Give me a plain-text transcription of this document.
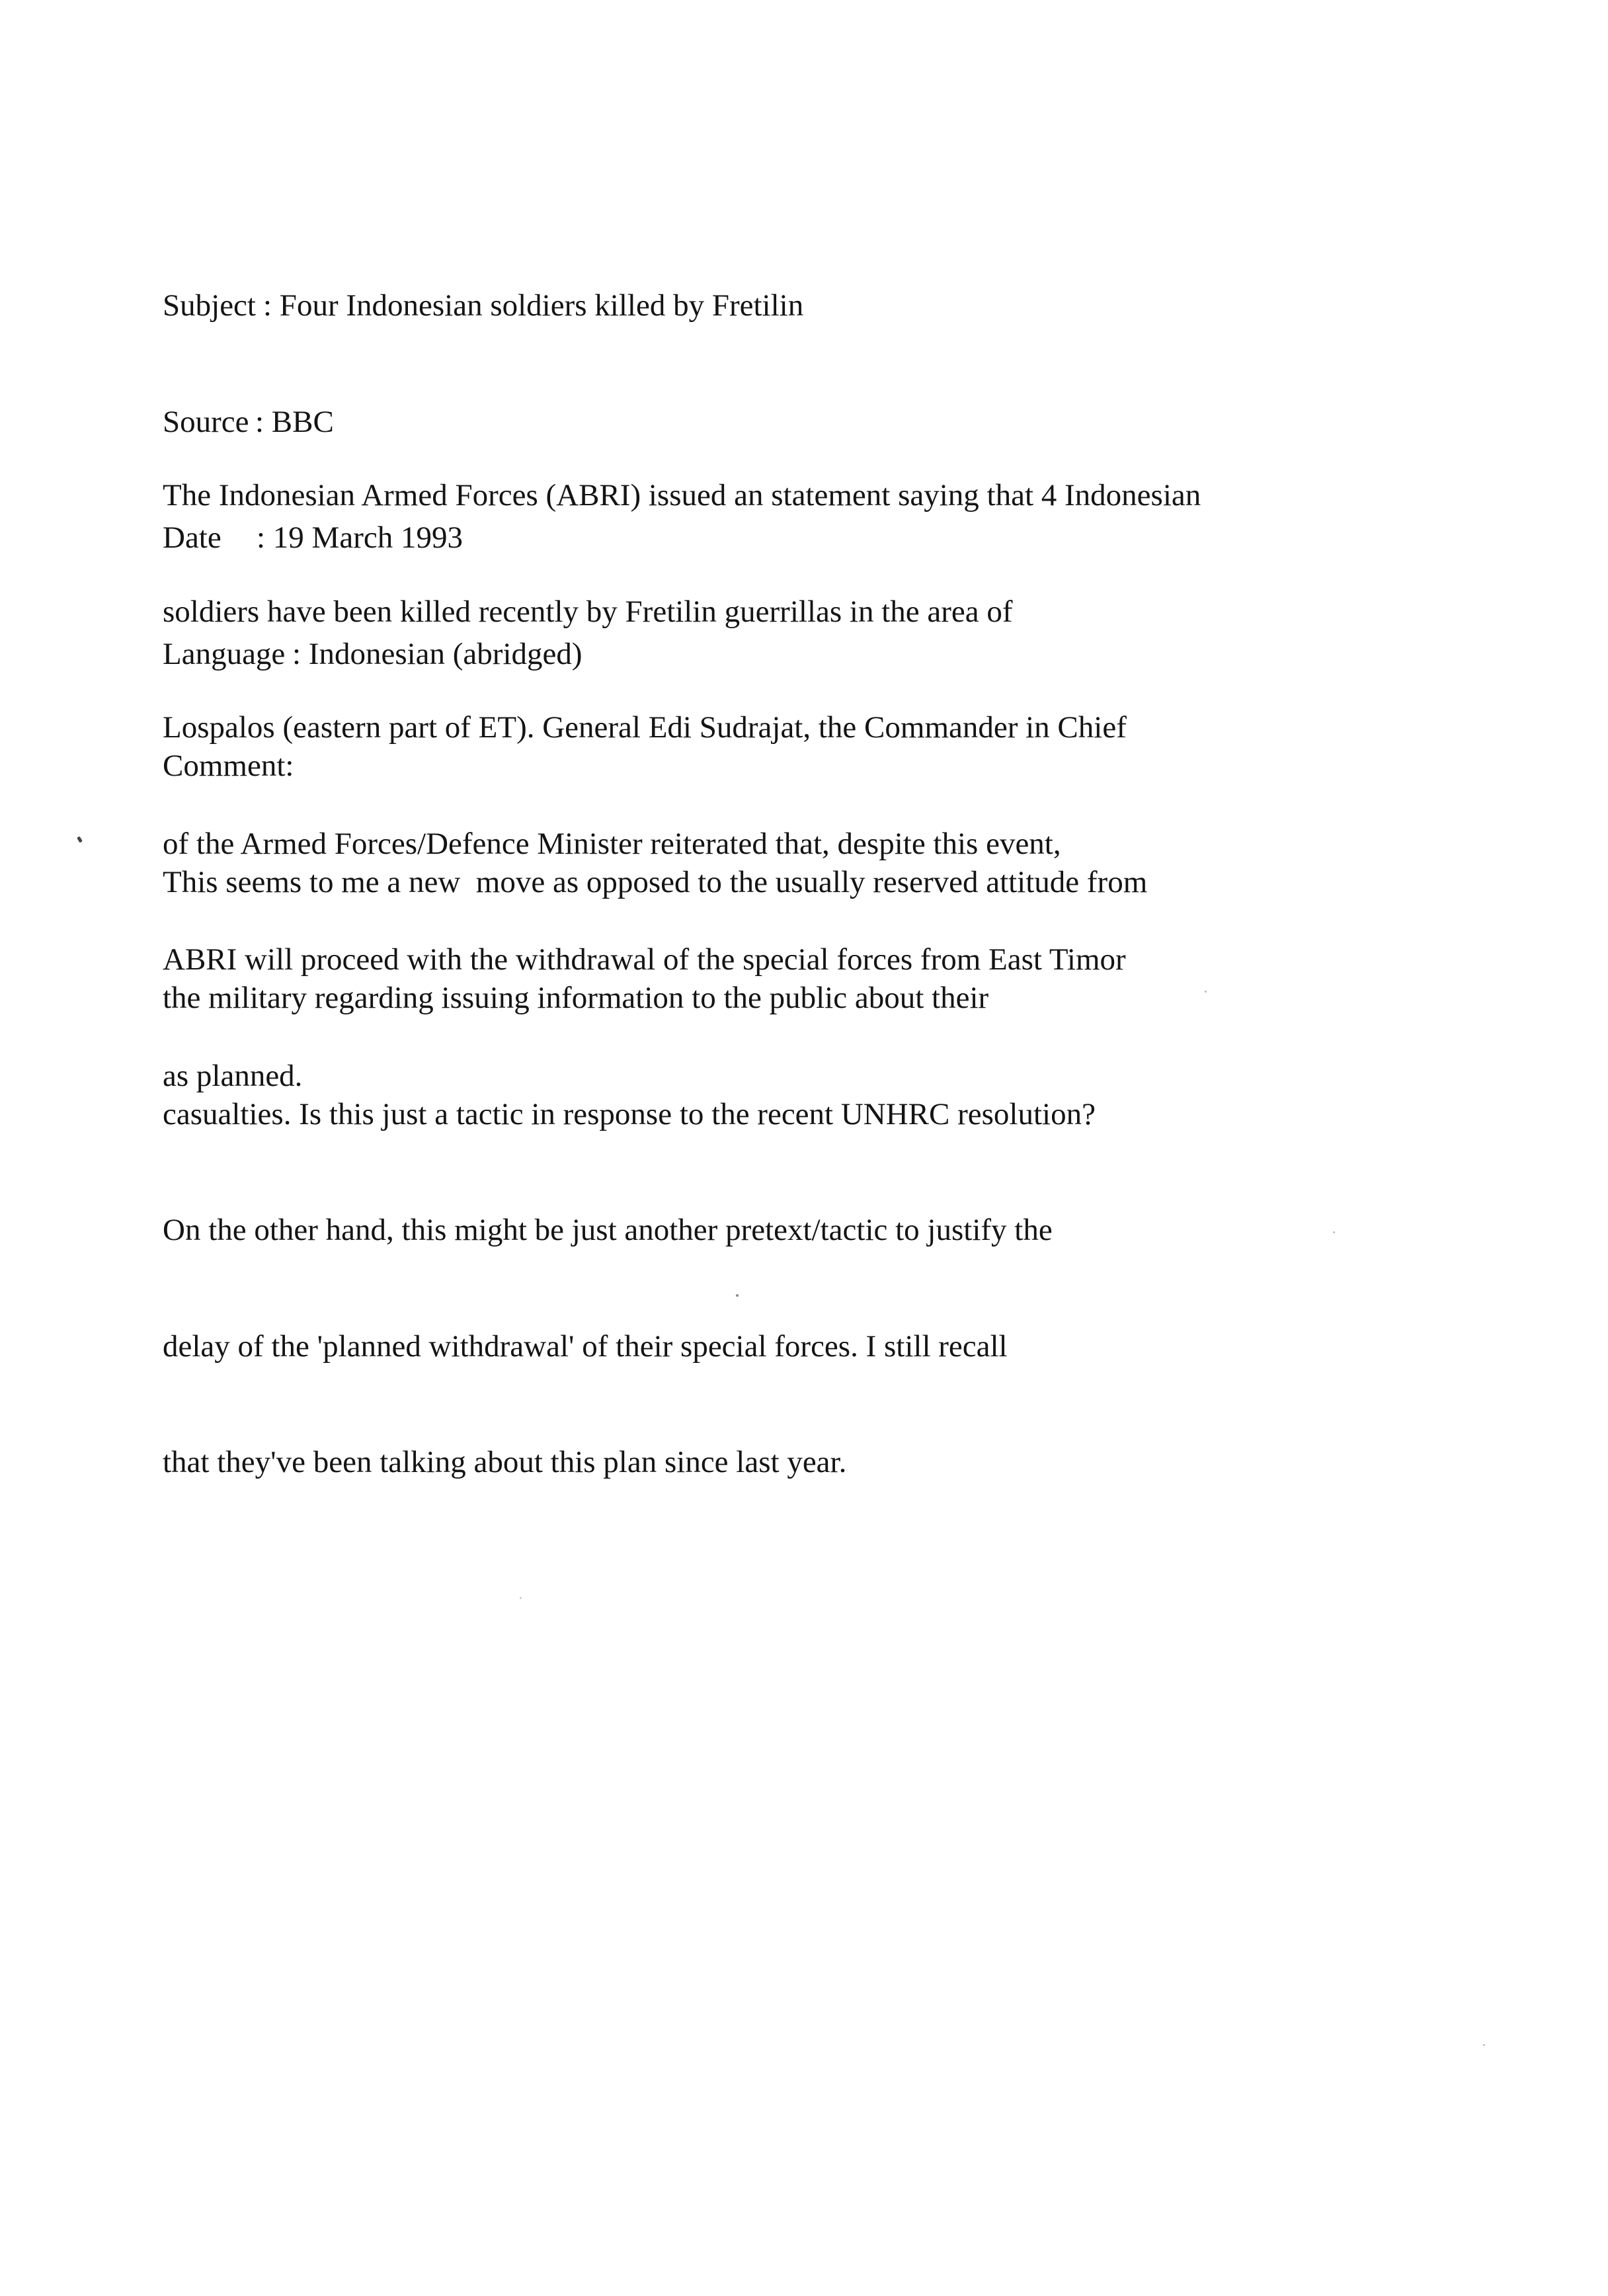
Subject

: Four Indonesian soldiers killed by Fretilin

Source

: BBC

Date

: 19 March 1993

Language

: Indonesian (abridged)

The Indonesian Armed Forces (ABRI) issued an statement saying that 4 Indonesian

soldiers have been killed recently by Fretilin guerrillas in the area of

Lospalos (eastern part of ET). General Edi Sudrajat, the Commander in Chief

of the Armed Forces/Defence Minister reiterated that, despite this event,

ABRI will proceed with the withdrawal of the special forces from East Timor

as planned.

Comment:

This seems to me a new  move as opposed to the usually reserved attitude from

the military regarding issuing information to the public about their

casualties. Is this just a tactic in response to the recent UNHRC resolution?

On the other hand, this might be just another pretext/tactic to justify the

delay of the 'planned withdrawal' of their special forces. I still recall

that they've been talking about this plan since last year.
